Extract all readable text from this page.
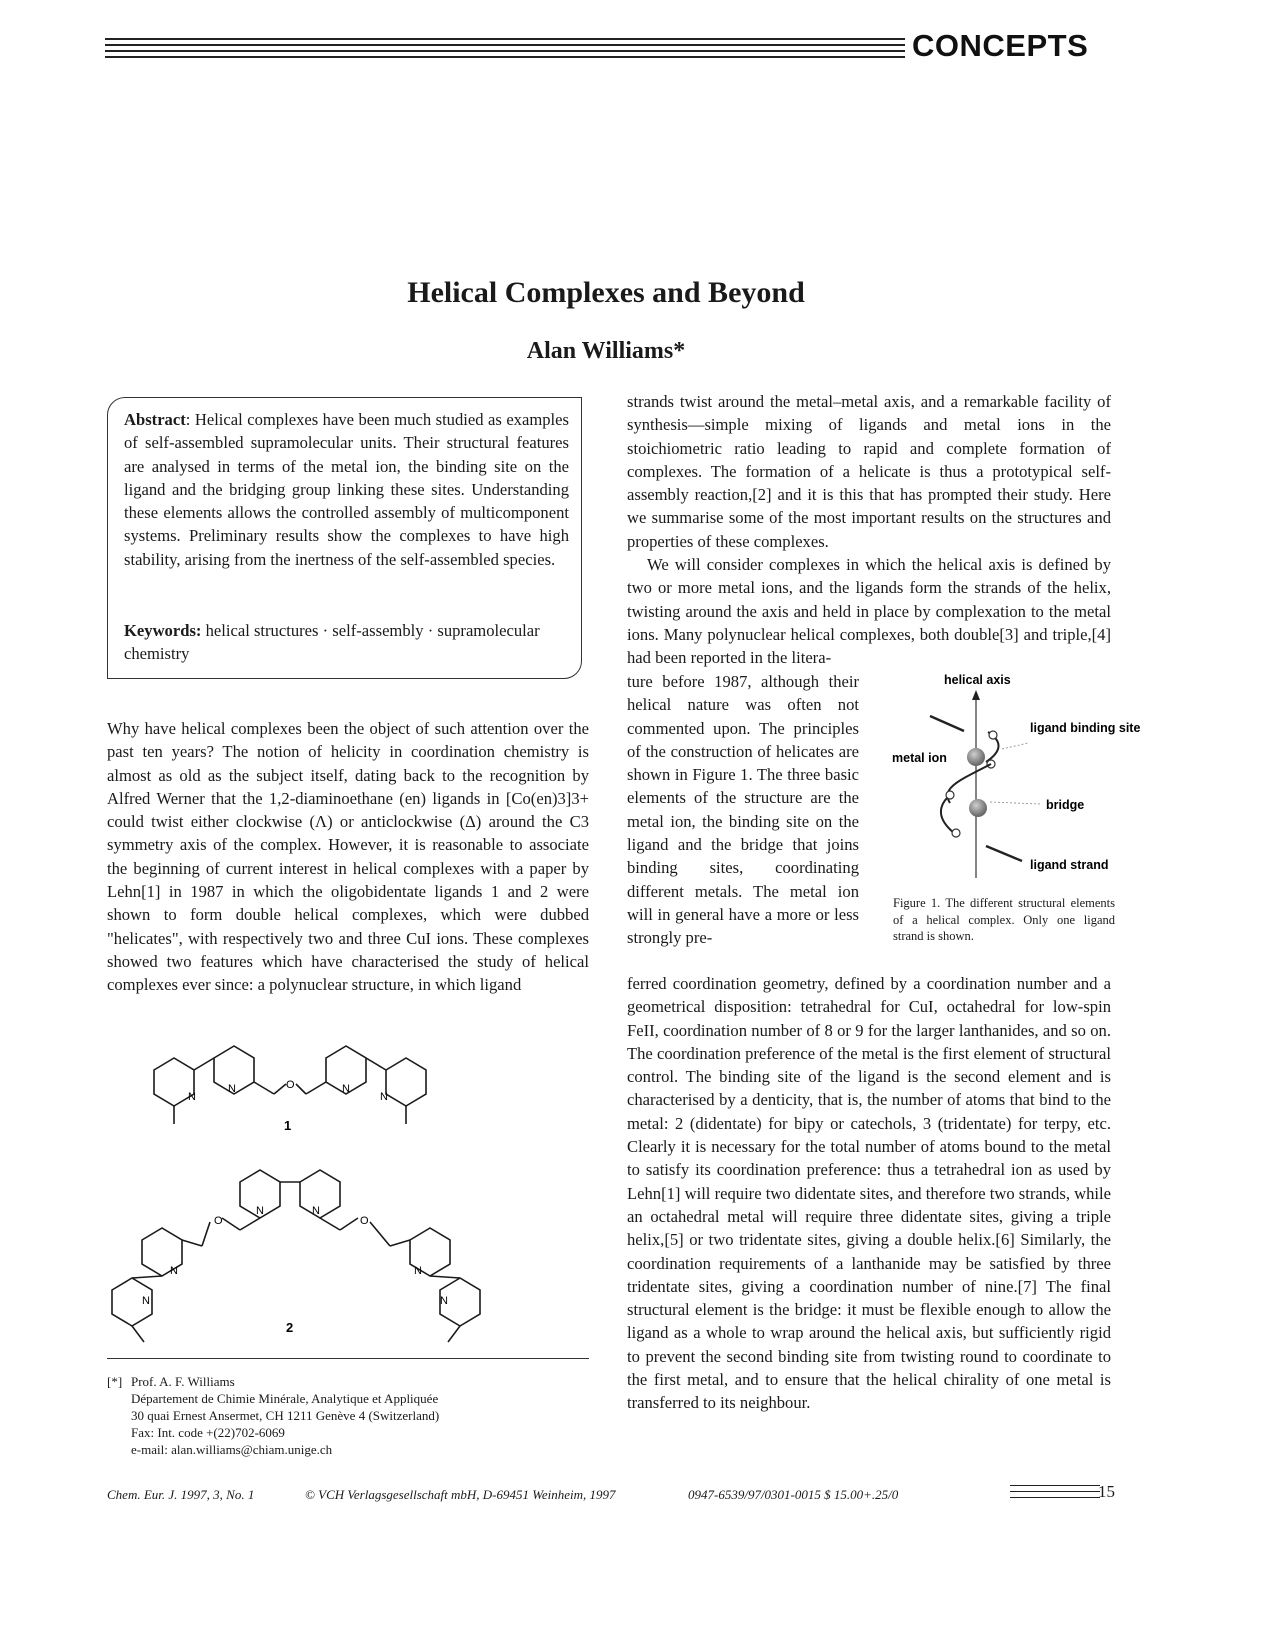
CONCEPTS
Helical Complexes and Beyond
Alan Williams*
Abstract: Helical complexes have been much studied as examples of self-assembled supramolecular units. Their structural features are analysed in terms of the metal ion, the binding site on the ligand and the bridging group linking these sites. Understanding these elements allows the controlled assembly of multicomponent systems. Preliminary results show the complexes to have high stability, arising from the inertness of the self-assembled species.
Keywords: helical structures · self-assembly · supramolecular chemistry

Why have helical complexes been the object of such attention over the past ten years? The notion of helicity in coordination chemistry is almost as old as the subject itself, dating back to the recognition by Alfred Werner that the 1,2-diaminoethane (en) ligands in [Co(en)3]3+ could twist either clockwise (Λ) or anticlockwise (Δ) around the C3 symmetry axis of the complex. However, it is reasonable to associate the beginning of current interest in helical complexes with a paper by Lehn[1] in 1987 in which the oligobidentate ligands 1 and 2 were shown to form double helical complexes, which were dubbed "helicates", with respectively two and three CuI ions. These complexes showed two features which have characterised the study of helical complexes ever since: a polynuclear structure, in which ligand

strands twist around the metal–metal axis, and a remarkable facility of synthesis—simple mixing of ligands and metal ions in the stoichiometric ratio leading to rapid and complete formation of complexes. The formation of a helicate is thus a prototypical self-assembly reaction,[2] and it is this that has prompted their study. Here we summarise some of the most important results on the structures and properties of these complexes.

We will consider complexes in which the helical axis is defined by two or more metal ions, and the ligands form the strands of the helix, twisting around the axis and held in place by complexation to the metal ions. Many polynuclear helical complexes, both double[3] and triple,[4] had been reported in the litera-

ture before 1987, although their helical nature was often not commented upon. The principles of the construction of helicates are shown in Figure 1. The three basic elements of the structure are the metal ion, the binding site on the ligand and the bridge that joins binding sites, coordinating different metals. The metal ion will in general have a more or less strongly pre-

ferred coordination geometry, defined by a coordination number and a geometrical disposition: tetrahedral for CuI, octahedral for low-spin FeII, coordination number of 8 or 9 for the larger lanthanides, and so on. The coordination preference of the metal is the first element of structural control. The binding site of the ligand is the second element and is characterised by a denticity, that is, the number of atoms that bind to the metal: 2 (didentate) for bipy or catechols, 3 (tridentate) for terpy, etc. Clearly it is necessary for the total number of atoms bound to the metal to satisfy its coordination preference: thus a tetrahedral ion as used by Lehn[1] will require two didentate sites, and therefore two strands, while an octahedral metal will require three didentate sites, giving a triple helix,[5] or two tridentate sites, giving a double helix.[6] Similarly, the coordination requirements of a lanthanide may be satisfied by three tridentate sites, giving a coordination number of nine.[7] The final structural element is the bridge: it must be flexible enough to allow the ligand as a whole to wrap around the helical axis, but sufficiently rigid to prevent the second binding site from twisting round to coordinate to the first metal, and to ensure that the helical chirality of one metal is transferred to its neighbour.

helical axis
metal ion
ligand binding site
bridge
ligand strand
Figure 1. The different structural elements of a helical complex. Only one ligand strand is shown.
N
N	O	N
N
1
O	O
N	N
N	N
N	N
2
[*] Prof. A. F. Williams
Département de Chimie Minérale, Analytique et Appliquée
30 quai Ernest Ansermet, CH 1211 Genève 4 (Switzerland)
Fax: Int. code +(22)702-6069
e-mail: alan.williams@chiam.unige.ch
Chem. Eur. J. 1997, 3, No. 1	© VCH Verlagsgesellschaft mbH, D-69451 Weinheim, 1997	0947-6539/97/0301-0015 $ 15.00+.25/0	15
